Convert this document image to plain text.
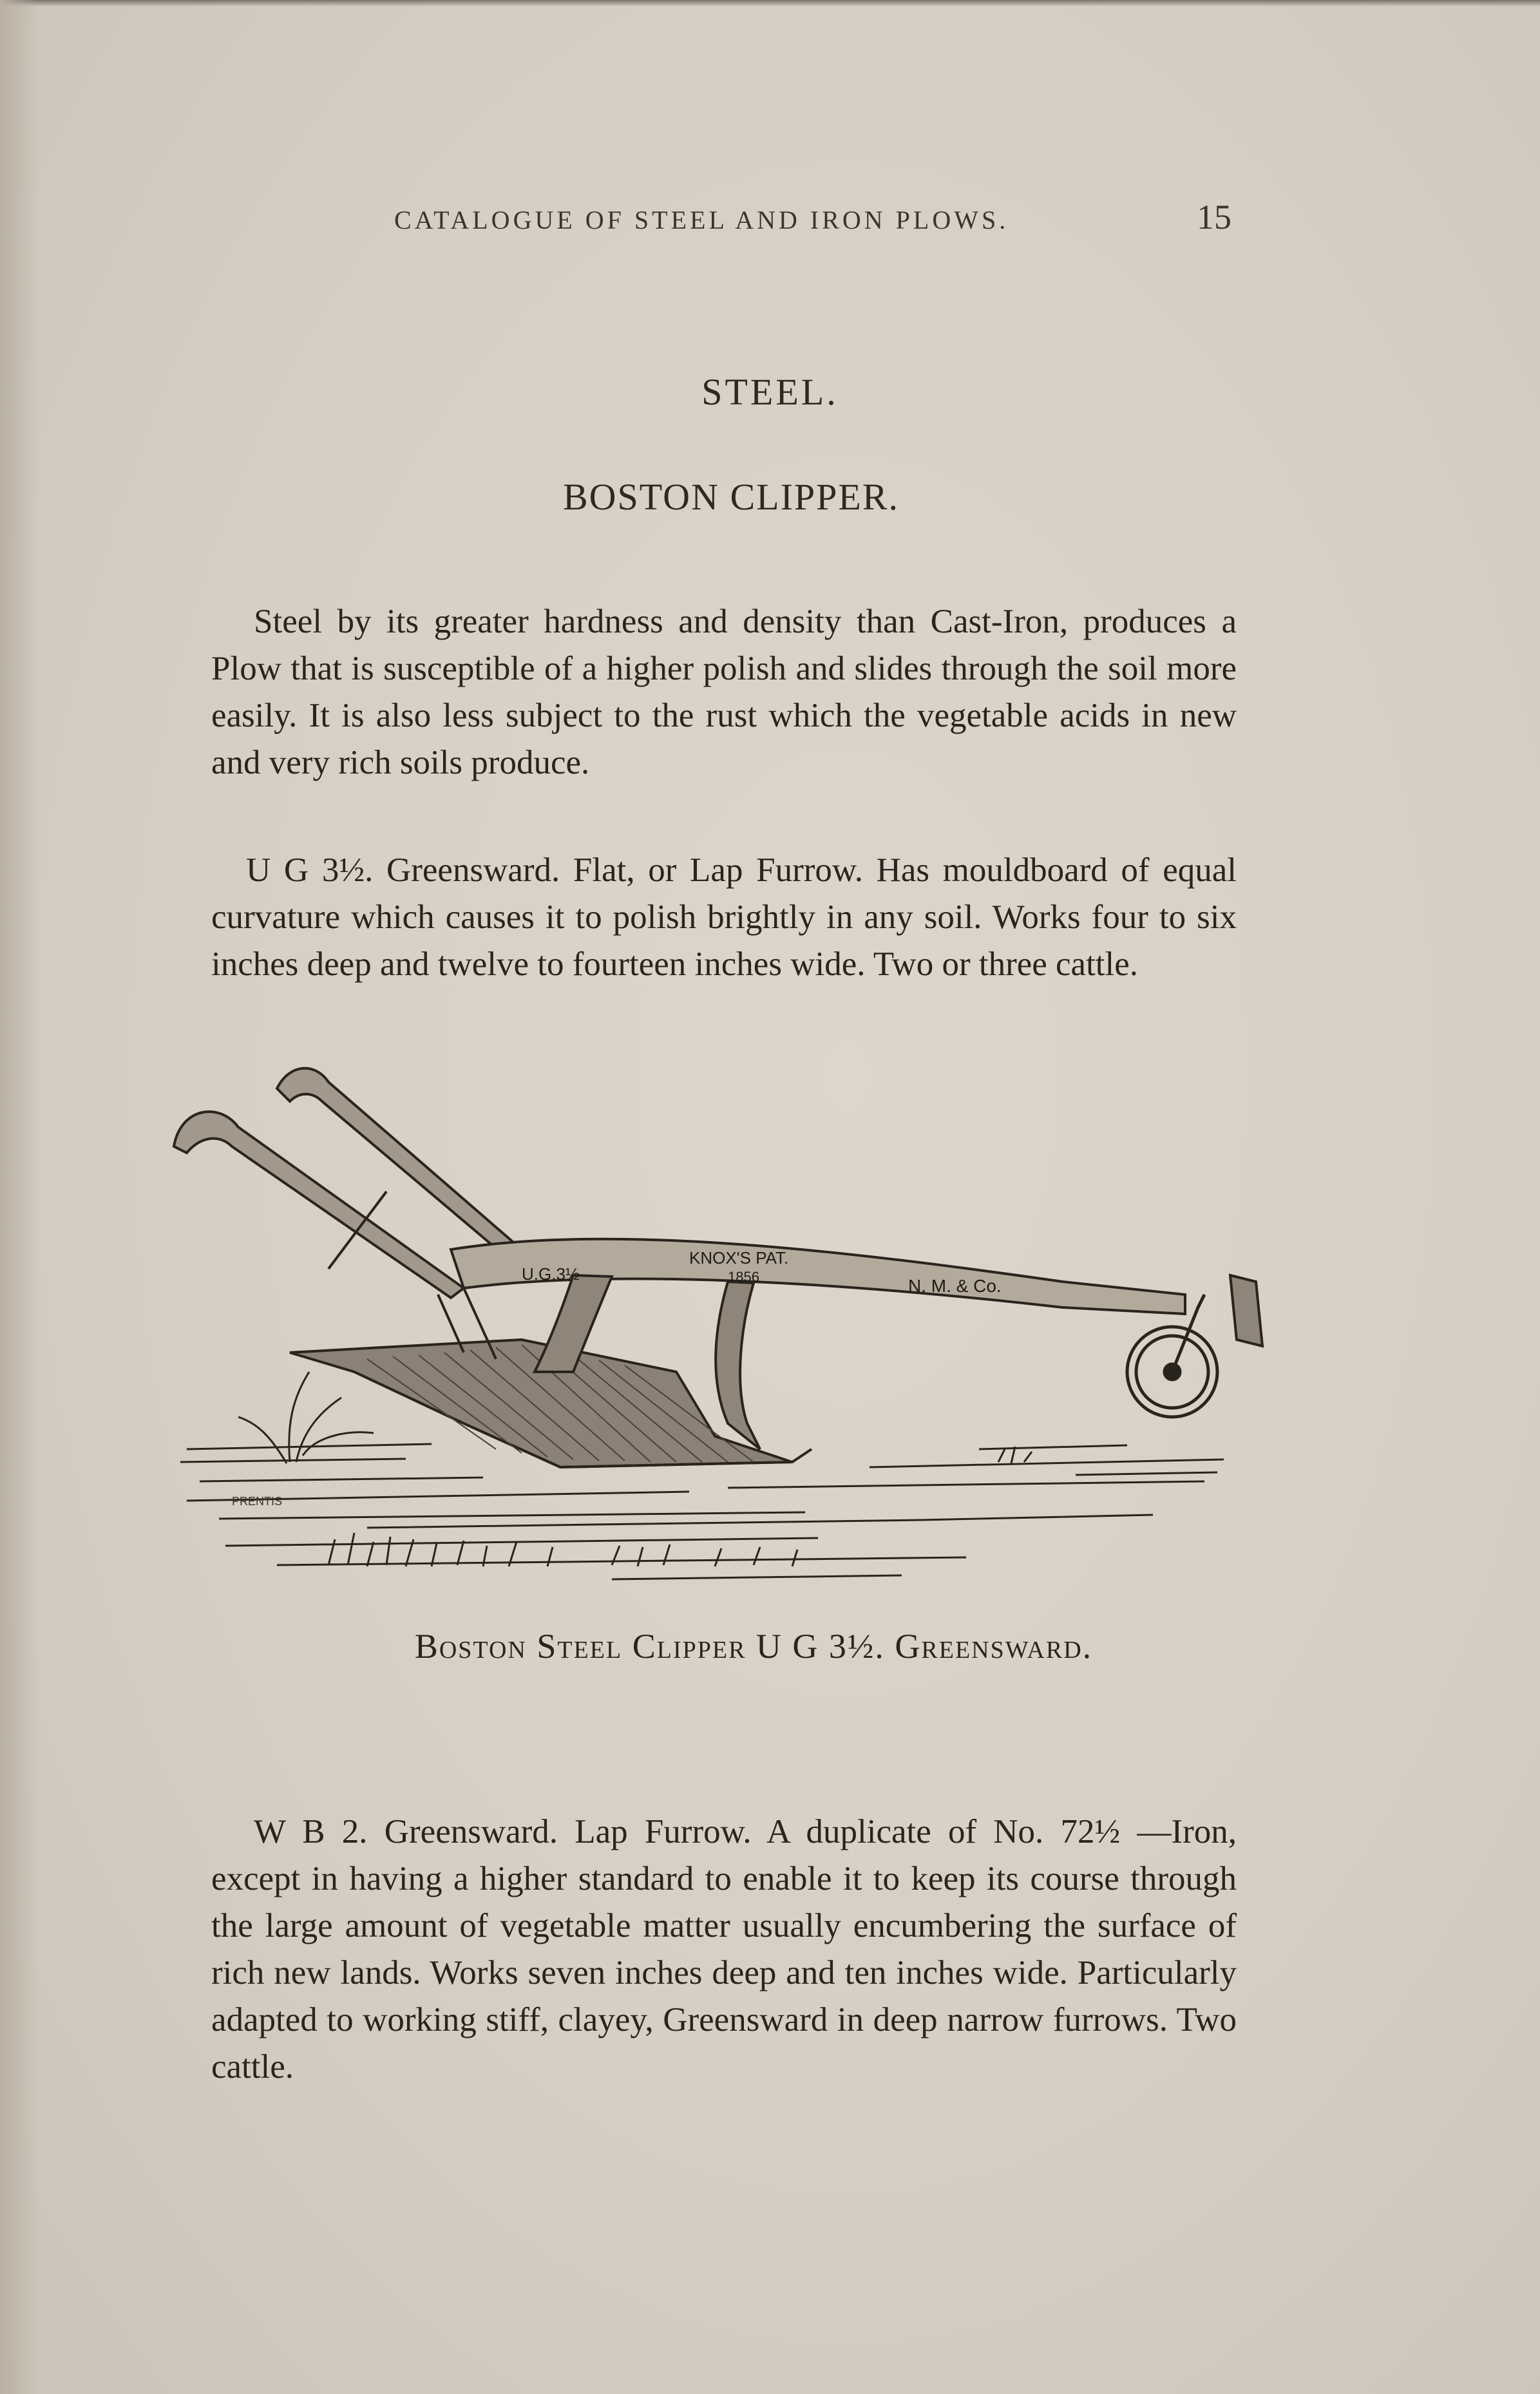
CATALOGUE OF STEEL AND IRON PLOWS.	15
STEEL.
BOSTON CLIPPER.

Steel by its greater hardness and density than Cast-Iron, produces a Plow that is susceptible of a higher polish and slides through the soil more easily. It is also less subject to the rust which the vegetable acids in new and very rich soils produce.

U G 3½. Greensward. Flat, or Lap Furrow. Has mouldboard of equal curvature which causes it to polish brightly in any soil. Works four to six inches deep and twelve to fourteen inches wide. Two or three cattle.

U.G.3½
KNOX'S PAT.
1856	N. M. & Co.
PRENTIS
Boston Steel Clipper U G 3½. Greensward.

W B 2. Greensward. Lap Furrow. A duplicate of No. 72½ —Iron, except in having a higher standard to enable it to keep its course through the large amount of vegetable matter usually encumbering the surface of rich new lands. Works seven inches deep and ten inches wide. Particularly adapted to working stiff, clayey, Greensward in deep narrow furrows. Two cattle.
